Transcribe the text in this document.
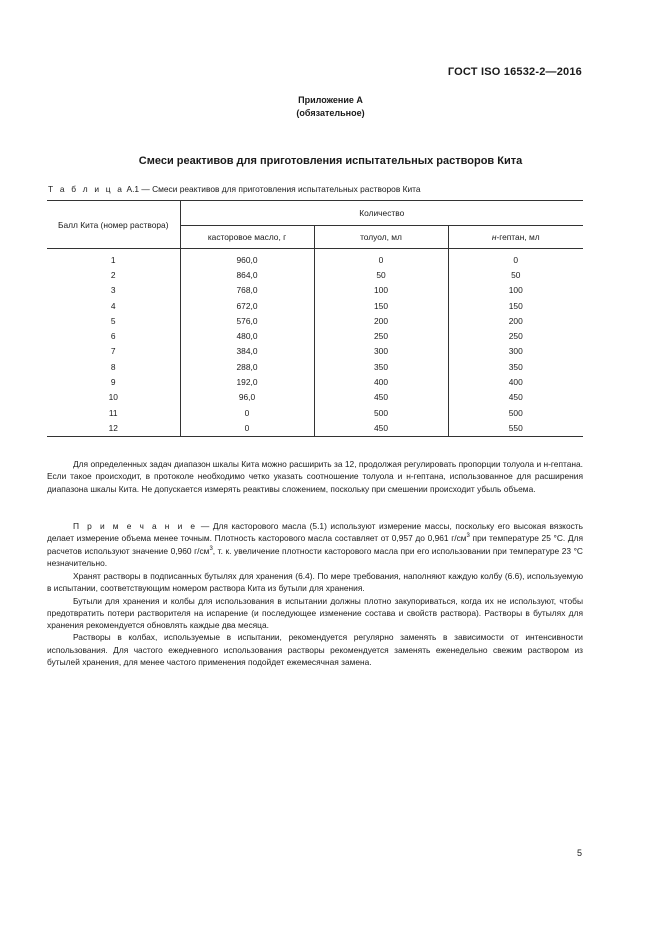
ГОСТ ISO 16532-2—2016
Приложение А
(обязательное)
Смеси реактивов для приготовления испытательных растворов Кита
Т а б л и ц а А.1 — Смеси реактивов для приготовления испытательных растворов Кита
Балл Кита (номер раствора)	Количество		
	касторовое масло, г	толуол, мл	н-гептан, мл
1	960,0	0	0
2	864,0	50	50
3	768,0	100	100
4	672,0	150	150
5	576,0	200	200
6	480,0	250	250
7	384,0	300	300
8	288,0	350	350
9	192,0	400	400
10	96,0	450	450
11	0	500	500
12	0	450	550

Для определенных задач диапазон шкалы Кита можно расширить за 12, продолжая регулировать пропорции толуола и н-гептана. Если такое происходит, в протоколе необходимо четко указать соотношение толуола и н-гептана, использованное для расширения диапазона шкалы Кита. Не допускается измерять реактивы сложением, поскольку при смешении происходит убыль объема.

П р и м е ч а н и е — Для касторового масла (5.1) используют измерение массы, поскольку его высокая вязкость делает измерение объема менее точным. Плотность касторового масла составляет от 0,957 до 0,961 $г/см^3$ при температуре 25 °С. Для расчетов используют значение 0,960 $г/см^3$, т. к. увеличение плотности касторового масла при его использовании при температуре 23 °С незначительно.

Хранят растворы в подписанных бутылях для хранения (6.4). По мере требования, наполняют каждую колбу (6.6), используемую в испытании, соответствующим номером раствора Кита из бутыли для хранения.

Бутыли для хранения и колбы для использования в испытании должны плотно закупориваться, когда их не используют, чтобы предотвратить потери растворителя на испарение (и последующее изменение состава и свойств раствора). Растворы в бутылях для хранения рекомендуется обновлять каждые два месяца.

Растворы в колбах, используемые в испытании, рекомендуется регулярно заменять в зависимости от интенсивности использования. Для частого ежедневного использования растворы рекомендуется заменять еженедельно свежим раствором из бутылей хранения, для менее частого применения подойдет ежемесячная замена.

5
